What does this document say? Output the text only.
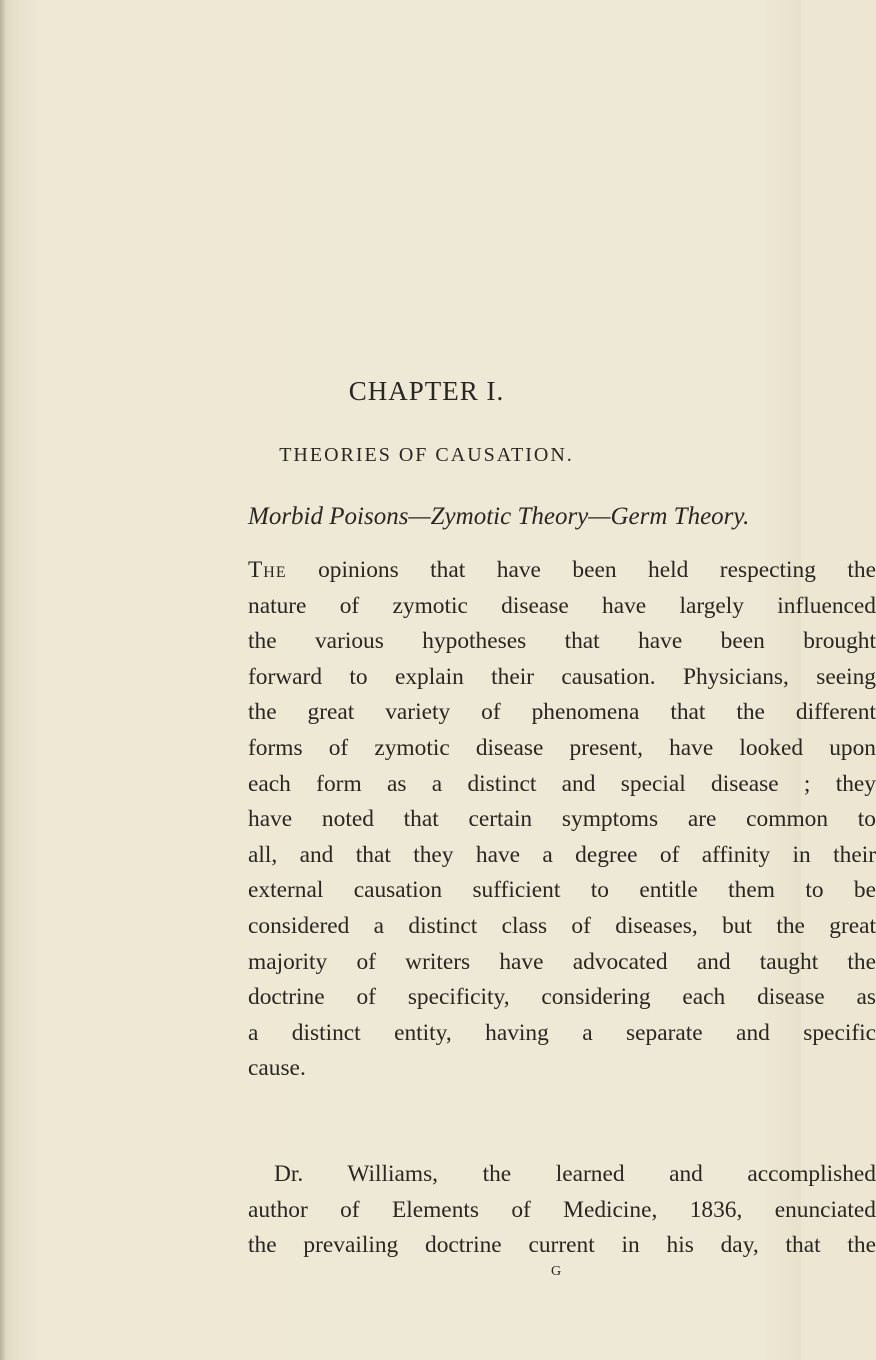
CHAPTER I.
THEORIES OF CAUSATION.
Morbid Poisons—Zymotic Theory—Germ Theory.
The opinions that have been held respecting the
nature of zymotic disease have largely influenced
the various hypotheses that have been brought
forward to explain their causation. Physicians, seeing
the great variety of phenomena that the different
forms of zymotic disease present, have looked upon
each form as a distinct and special disease ; they
have noted that certain symptoms are common to
all, and that they have a degree of affinity in their
external causation sufficient to entitle them to be
considered a distinct class of diseases, but the great
majority of writers have advocated and taught the
doctrine of specificity, considering each disease as
a distinct entity, having a separate and specific
cause.
Dr. Williams, the learned and accomplished
author of Elements of Medicine, 1836, enunciated
the prevailing doctrine current in his day, that the
G
